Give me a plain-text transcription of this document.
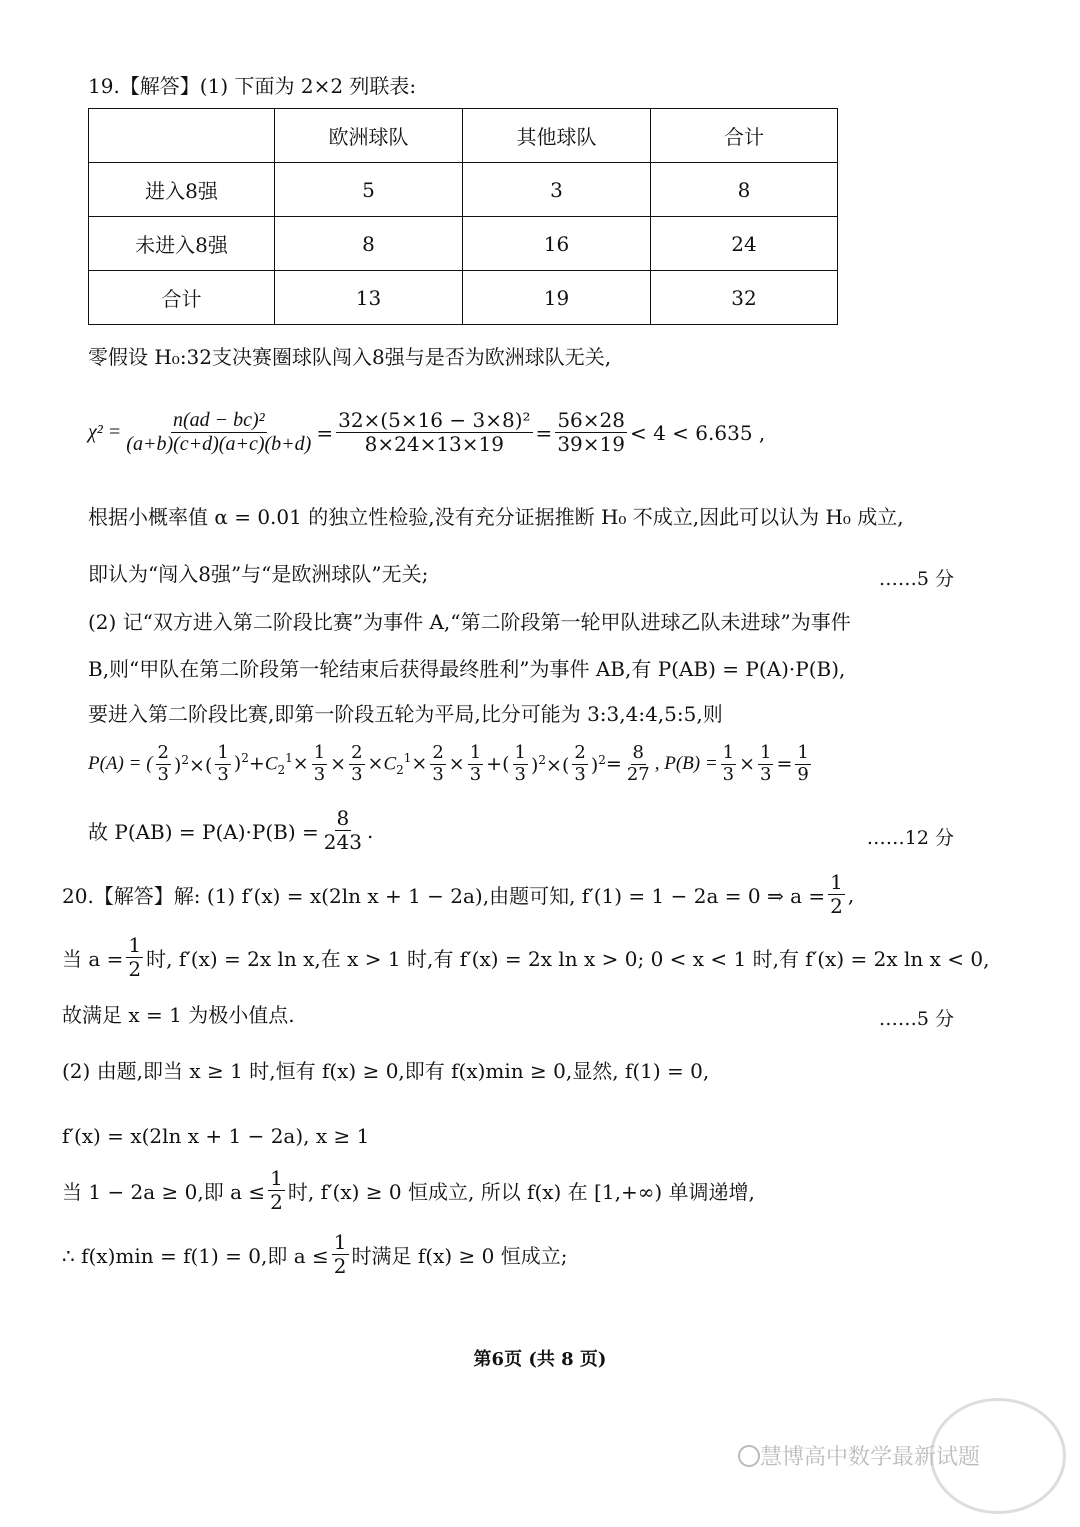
19.【解答】(1) 下面为 2×2 列联表:
	欧洲球队	其他球队	合计
进入8强	5	3	8
未进入8强	8	16	24
合计	13	19	32
零假设 H₀:32支决赛圈球队闯入8强与是否为欧洲球队无关,
$\chi^2 = \frac{\text{n(ad − bc)²}}{(a+b)(c+d)(a+c)(b+d)} = \frac{\text{32×(5×16 − 3×8)²}}{8\times 24\times 13\times 19} = \frac{56\times 28}{39\times 19} < 4 < 6.635$ ,
根据小概率值 α = 0.01 的独立性检验,没有充分证据推断 H₀ 不成立,因此可以认为 H₀ 成立,
即认为“闯入8强”与“是欧洲球队”无关;	……5 分
(2) 记“双方进入第二阶段比赛”为事件 A,“第二阶段第一轮甲队进球乙队未进球”为事件
B,则“甲队在第二阶段第一轮结束后获得最终胜利”为事件 AB,有 P(AB) = P(A)·P(B),
要进入第二阶段比赛,即第一阶段五轮为平局,比分可能为 3:3,4:4,5:5,则
P(A) = ( $\frac{2}{3} )^2\times( \frac{1}{3} )^2+C_2^1\times \frac{1}{3} \times \frac{2}{3} \times C_2^1\times \frac{2}{3} \times \frac{1}{3}$ +( $\frac{1}{3} )^2\times( \frac{2}{3} )^2 = \frac{8}{27}$ , $P(B) = \frac{1}{3} \times \frac{1}{3} = \frac{1}{9}$
故 $P(AB) = P(A)\cdot P(B) = \frac{8}{243}$ .	……12 分
20.【解答】解: (1) f′(x) = x(2ln x + 1 − 2a),由题可知, f′(1) = 1 − 2a = 0 ⇒ $a = \frac{1}{2}$ ,
当 $a = \frac{1}{2}$ 时, f′(x) = 2x ln x,在 x > 1 时,有 f′(x) = 2x ln x > 0; 0 < x < 1 时,有 f′(x) = 2x ln x < 0,
故满足 x = 1 为极小值点.	……5 分
(2) 由题,即当 x ≥ 1 时,恒有 f(x) ≥ 0,即有 f(x)min ≥ 0,显然, f(1) = 0,
f′(x) = x(2ln x + 1 − 2a), x ≥ 1
当 1 − 2a ≥ 0,即 $a \le \frac{1}{2}$ 时, f′(x) ≥ 0 恒成立, 所以 f(x) 在 [1,+∞) 单调递增,
∴ f(x)min = f(1) = 0,即 $a \le \frac{1}{2}$ 时满足 f(x) ≥ 0 恒成立;
第6页 (共 8 页)
慧博高中数学最新试题
